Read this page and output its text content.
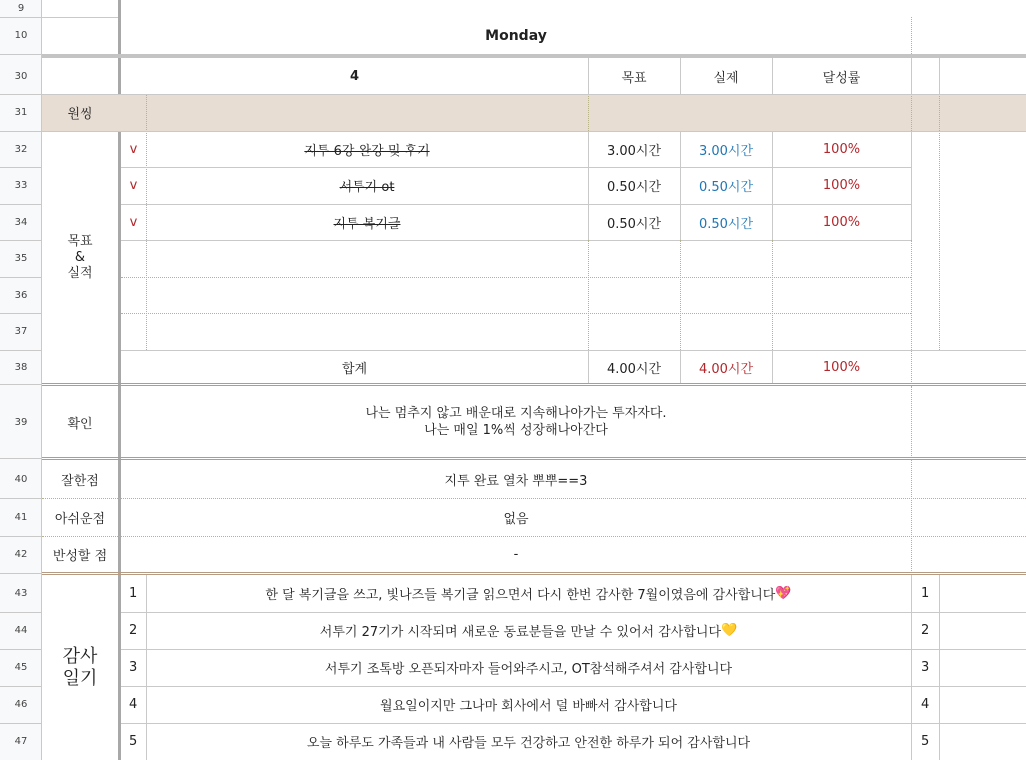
9
10
30
31
32
33
34
35
36
37
38
39
40
41
42
43
44
45
46
47
Monday
4	목표	실제	달성률
원씽
목표
&
실적
v	지투 6강 완강 및 후기	3.00시간	3.00시간	100%
v	서투기 ot	0.50시간	0.50시간	100%
v	지투 복기글	0.50시간	0.50시간	100%
합계	4.00시간	4.00시간	100%
확인
나는 멈추지 않고 배운대로 지속해나아가는 투자자다.
나는 매일 1%씩 성장해나아간다
잘한점	지투 완료 열차 뿌뿌==3
아쉬운점	없음
반성할 점	-
감사
일기
1	한 달 복기글을 쓰고, 빛나즈들 복기글 읽으면서 다시 한번 감사한 7월이였음에 감사합니다 💖	1
2	서투기 27기가 시작되며 새로운 동료분들을 만날 수 있어서 감사합니다 💛	2
3	서투기 조톡방 오픈되자마자 들어와주시고, OT참석해주셔서 감사합니다	3
4	월요일이지만 그나마 회사에서 덜 바빠서 감사합니다	4
5	오늘 하루도 가족들과 내 사람들 모두 건강하고 안전한 하루가 되어 감사합니다	5
